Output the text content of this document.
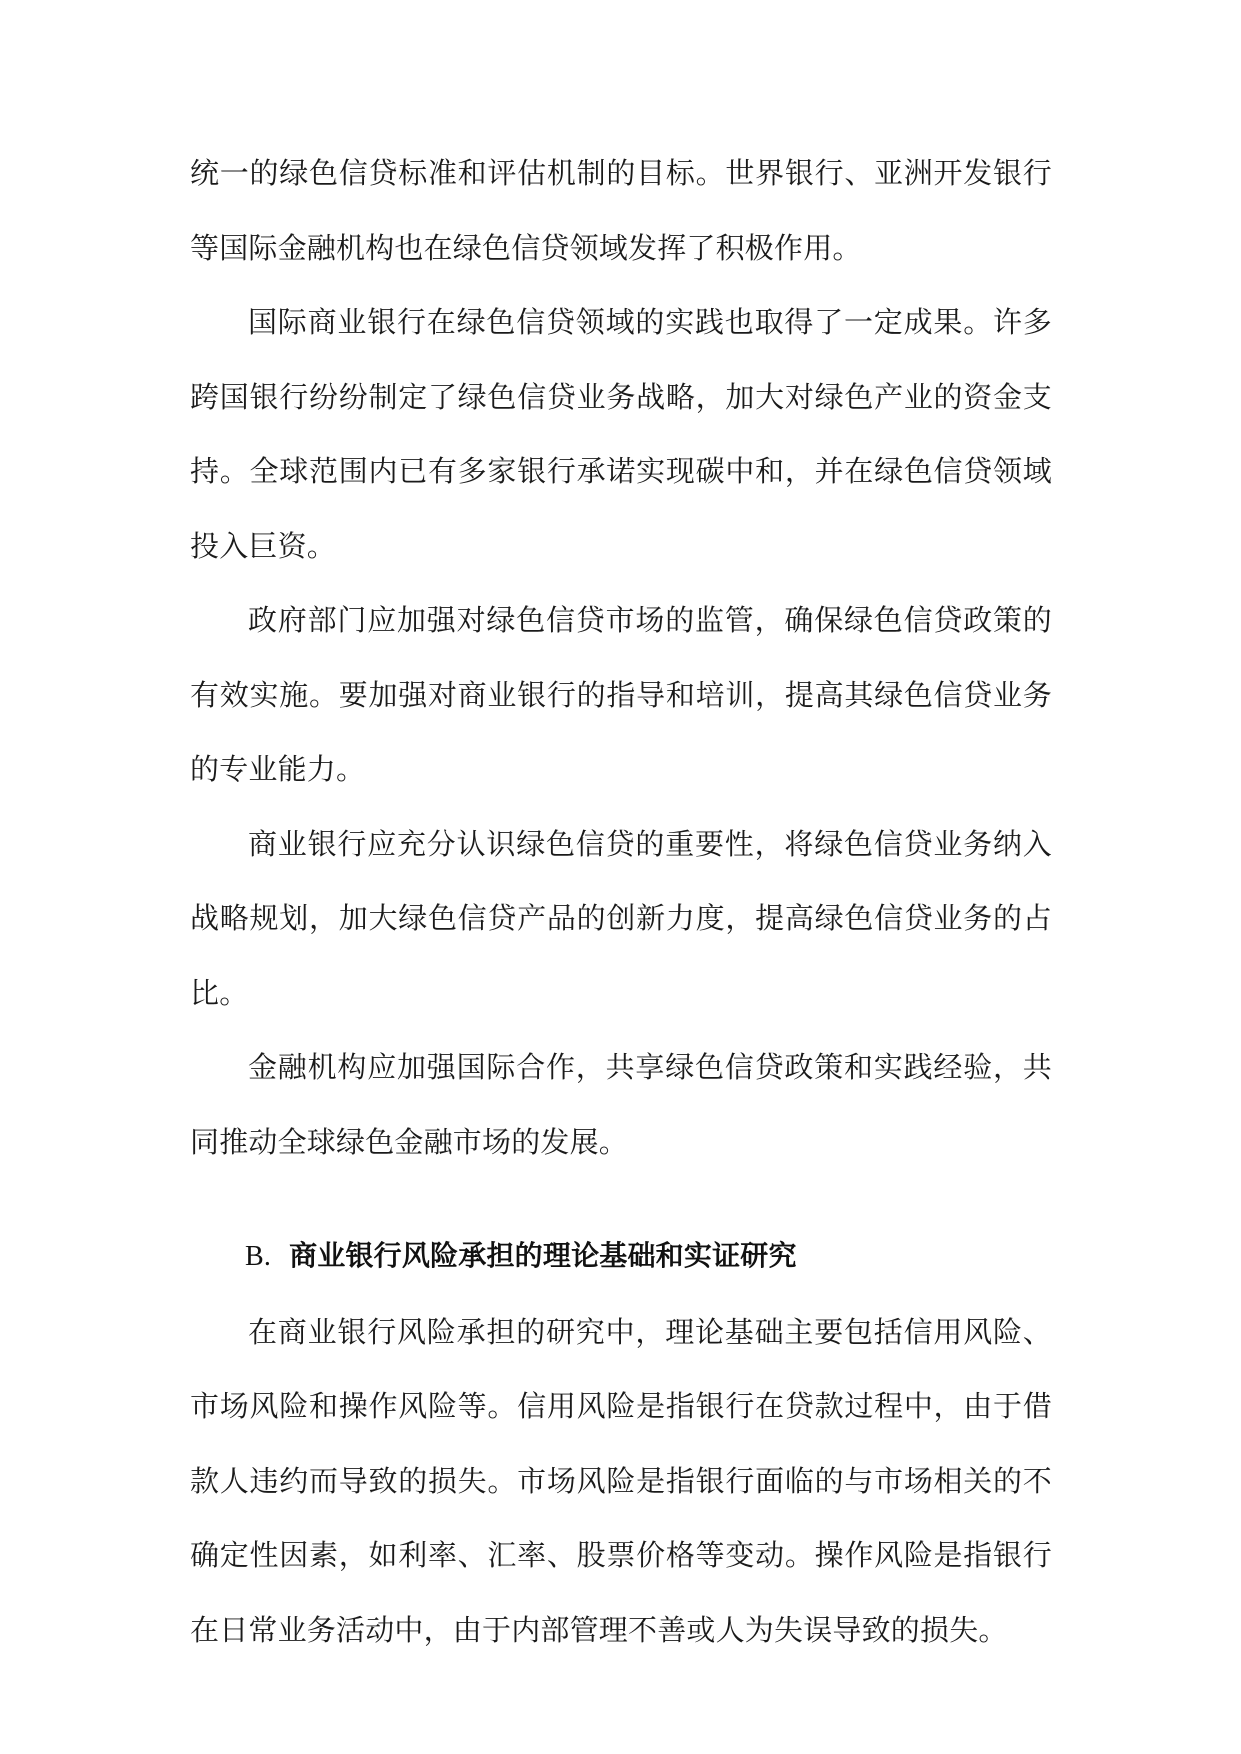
统一的绿色信贷标准和评估机制的目标。世界银行、亚洲开发银行等国际金融机构也在绿色信贷领域发挥了积极作用。

国际商业银行在绿色信贷领域的实践也取得了一定成果。许多跨国银行纷纷制定了绿色信贷业务战略，加大对绿色产业的资金支持。全球范围内已有多家银行承诺实现碳中和，并在绿色信贷领域投入巨资。

政府部门应加强对绿色信贷市场的监管，确保绿色信贷政策的有效实施。要加强对商业银行的指导和培训，提高其绿色信贷业务的专业能力。

商业银行应充分认识绿色信贷的重要性，将绿色信贷业务纳入战略规划，加大绿色信贷产品的创新力度，提高绿色信贷业务的占比。

金融机构应加强国际合作，共享绿色信贷政策和实践经验，共同推动全球绿色金融市场的发展。

B. 商业银行风险承担的理论基础和实证研究

在商业银行风险承担的研究中，理论基础主要包括信用风险、市场风险和操作风险等。信用风险是指银行在贷款过程中，由于借款人违约而导致的损失。市场风险是指银行面临的与市场相关的不确定性因素，如利率、汇率、股票价格等变动。操作风险是指银行在日常业务活动中，由于内部管理不善或人为失误导致的损失。
